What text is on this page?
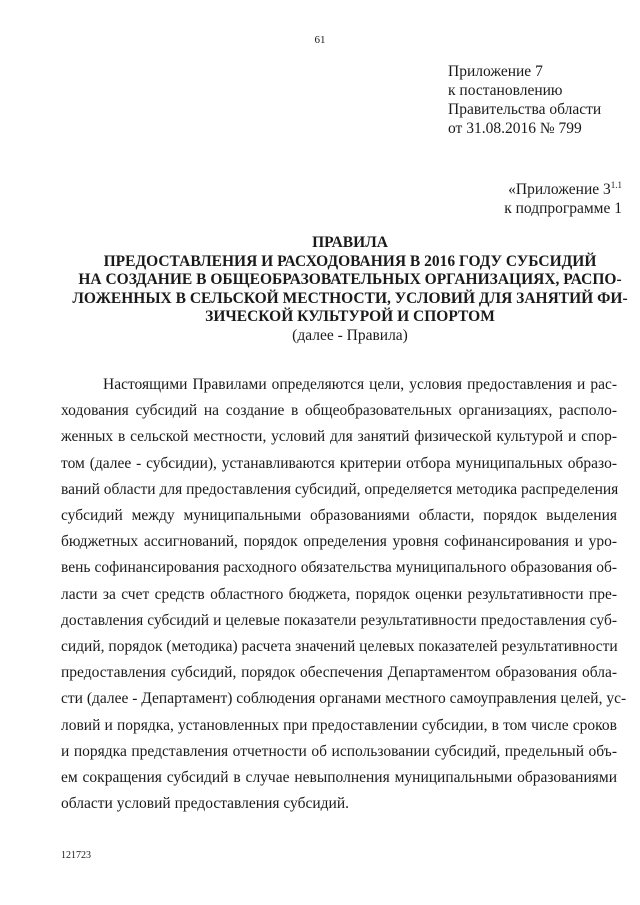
61
Приложение 7
к постановлению
Правительства области
от 31.08.2016 № 799
«Приложение $3^{1.1}$
к подпрограмме 1
ПРАВИЛА
ПРЕДОСТАВЛЕНИЯ И РАСХОДОВАНИЯ В 2016 ГОДУ СУБСИДИЙ
НА СОЗДАНИЕ В ОБЩЕОБРАЗОВАТЕЛЬНЫХ ОРГАНИЗАЦИЯХ, РАСПО-
ЛОЖЕННЫХ В СЕЛЬСКОЙ МЕСТНОСТИ, УСЛОВИЙ ДЛЯ ЗАНЯТИЙ ФИ-
ЗИЧЕСКОЙ КУЛЬТУРОЙ И СПОРТОМ
(далее - Правила)
Настоящими Правилами определяются цели, условия предоставления и рас-
ходования субсидий на создание в общеобразовательных организациях, располо-
женных в сельской местности, условий для занятий физической культурой и спор-
том (далее - субсидии), устанавливаются критерии отбора муниципальных образо-
ваний области для предоставления субсидий, определяется методика распределения
субсидий между муниципальными образованиями области, порядок выделения
бюджетных ассигнований, порядок определения уровня софинансирования и уро-
вень софинансирования расходного обязательства муниципального образования об-
ласти за счет средств областного бюджета, порядок оценки результативности пре-
доставления субсидий и целевые показатели результативности предоставления суб-
сидий, порядок (методика) расчета значений целевых показателей результативности
предоставления субсидий, порядок обеспечения Департаментом образования обла-
сти (далее - Департамент) соблюдения органами местного самоуправления целей, ус-
ловий и порядка, установленных при предоставлении субсидии, в том числе сроков
и порядка представления отчетности об использовании субсидий, предельный объ-
ем сокращения субсидий в случае невыполнения муниципальными образованиями
области условий предоставления субсидий.
121723
